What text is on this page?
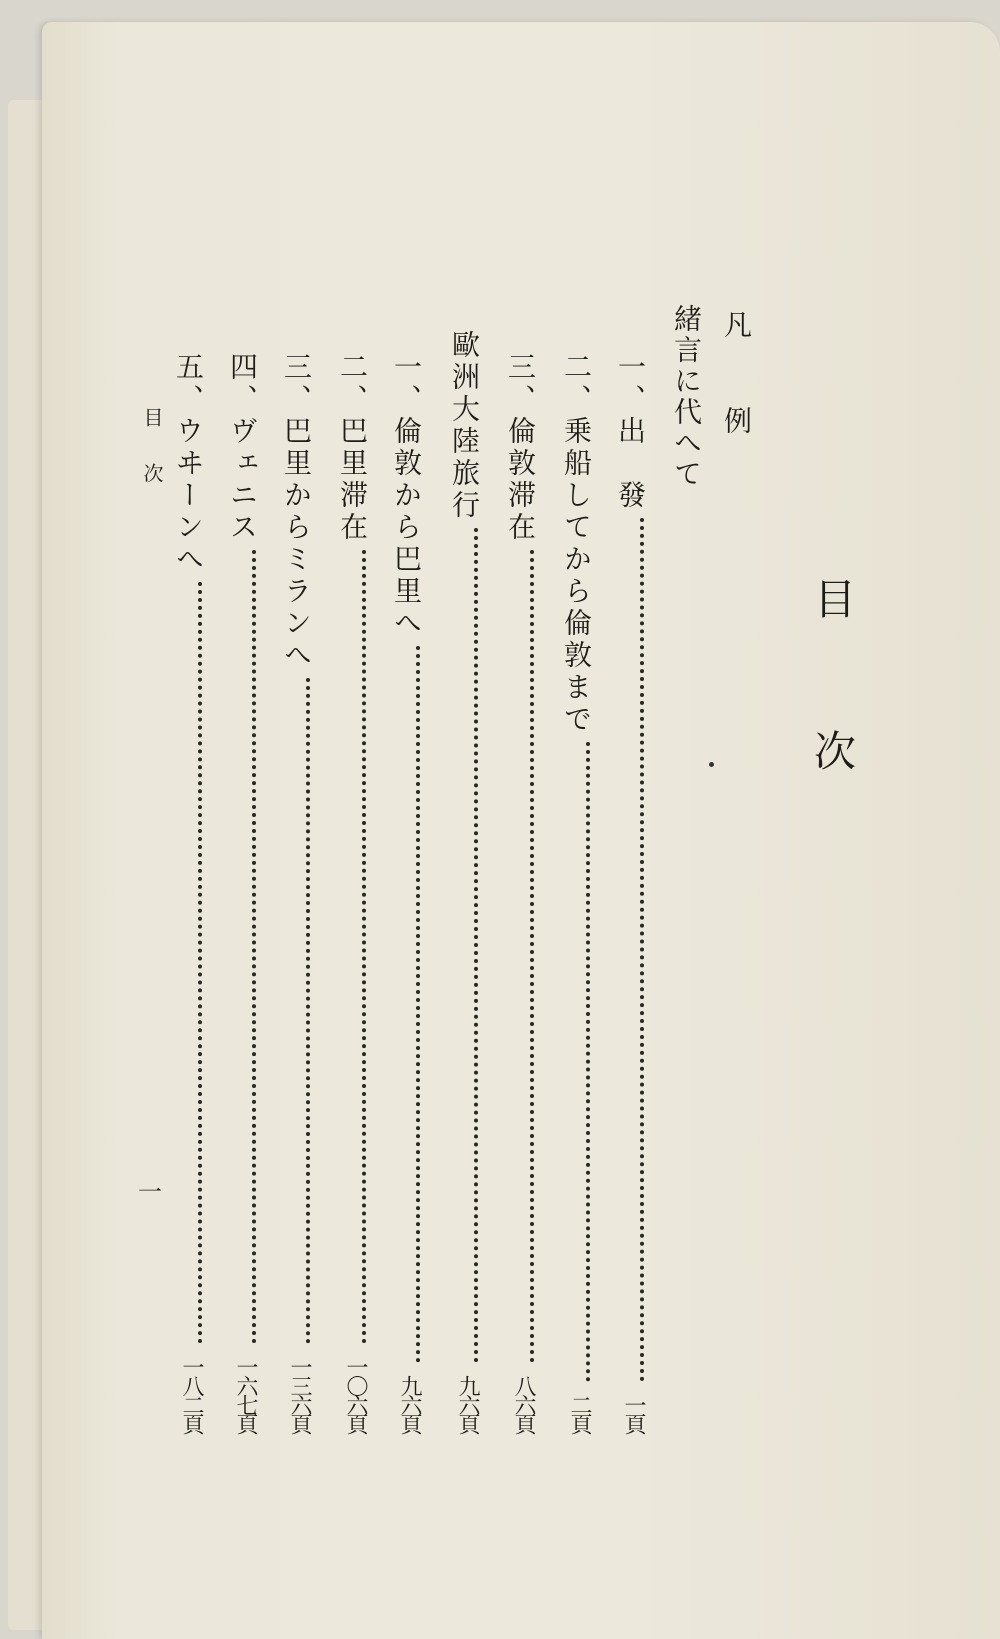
目次
凡　例
緒言に代へて
一、出　發
一頁
二、乗船してから倫敦まで
二頁
三、倫敦滞在
八六頁
歐洲大陸旅行
九六頁
一、倫敦から巴里へ
九六頁
二、巴里滞在
一〇六頁
三、巴里からミランへ
一三六頁
四、ヴェニス
一六七頁
五、ウヰーンへ
一八二頁
目次
一
